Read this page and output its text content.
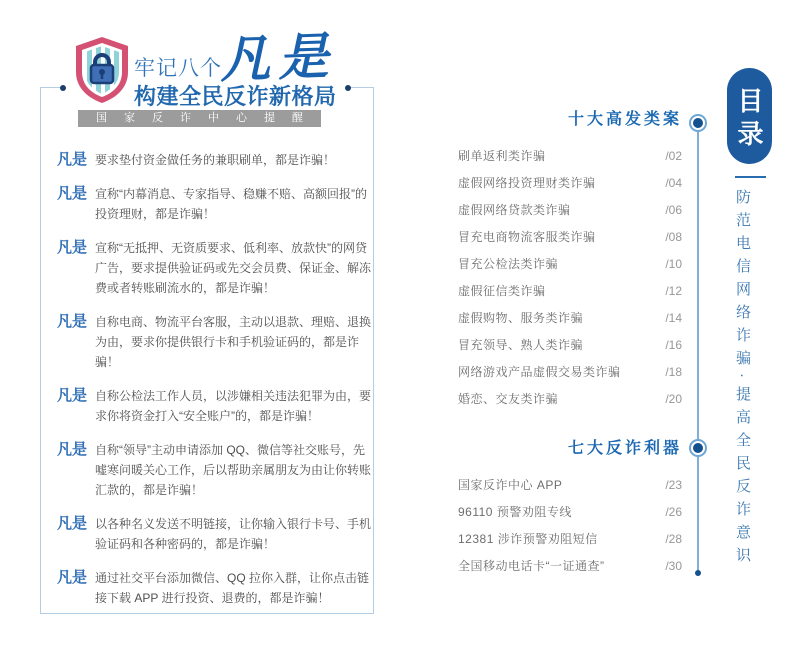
牢记八个
凡是
构建全民反诈新格局
国家反诈中心提醒
凡是 要求垫付资金做任务的兼职刷单，都是诈骗！

凡是 宣称“内幕消息、专家指导、稳赚不赔、高额回报”的投资理财，都是诈骗！

凡是 宣称“无抵押、无资质要求、低利率、放款快”的网贷广告，要求提供验证码或先交会员费、保证金、解冻费或者转账刷流水的，都是诈骗！

凡是 自称电商、物流平台客服，主动以退款、理赔、退换为由，要求你提供银行卡和手机验证码的，都是诈骗！

凡是 自称公检法工作人员，以涉嫌相关违法犯罪为由，要求你将资金打入“安全账户”的，都是诈骗！

凡是 自称“领导”主动申请添加 QQ、微信等社交账号，先嘘寒问暖关心工作，后以帮助亲属朋友为由让你转账汇款的，都是诈骗！

凡是 以各种名义发送不明链接，让你输入银行卡号、手机验证码和各种密码的，都是诈骗！

凡是 通过社交平台添加微信、QQ 拉你入群，让你点击链接下载 APP 进行投资、退费的，都是诈骗！

十大高发类案
刷单返利类诈骗	/02
虚假网络投资理财类诈骗	/04
虚假网络贷款类诈骗	/06
冒充电商物流客服类诈骗	/08
冒充公检法类诈骗	/10
虚假征信类诈骗	/12
虚假购物、服务类诈骗	/14
冒充领导、熟人类诈骗	/16
网络游戏产品虚假交易类诈骗	/18
婚恋、交友类诈骗	/20
七大反诈利器
国家反诈中心 APP	/23
96110 预警劝阻专线	/26
12381 涉诈预警劝阻短信	/28
全国移动电话卡“一证通查”	/30
目录
防范电信网络诈骗·提高全民反诈意识
